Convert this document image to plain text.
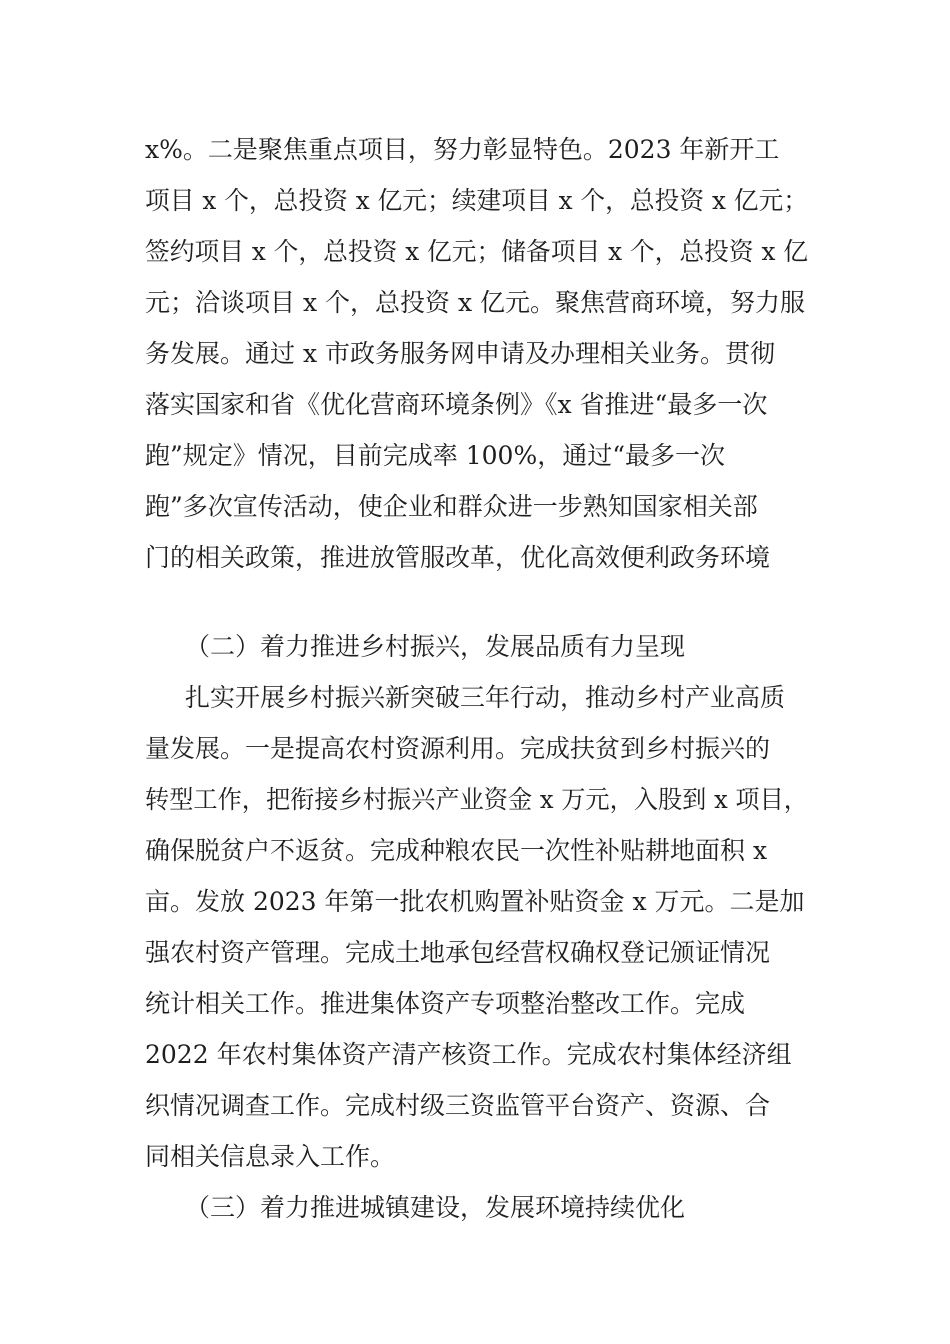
x%。二是聚焦重点项目，努力彰显特色。2023 年新开工
项目 x 个，总投资 x 亿元；续建项目 x 个，总投资 x 亿元；
签约项目 x 个，总投资 x 亿元；储备项目 x 个，总投资 x 亿
元；洽谈项目 x 个，总投资 x 亿元。聚焦营商环境，努力服
务发展。通过 x 市政务服务网申请及办理相关业务。贯彻
落实国家和省《优化营商环境条例》《x 省推进“最多一次
跑”规定》情况，目前完成率 100%，通过“最多一次
跑”多次宣传活动，使企业和群众进一步熟知国家相关部
门的相关政策，推进放管服改革，优化高效便利政务环境
（二）着力推进乡村振兴，发展品质有力呈现
扎实开展乡村振兴新突破三年行动，推动乡村产业高质
量发展。一是提高农村资源利用。完成扶贫到乡村振兴的
转型工作，把衔接乡村振兴产业资金 x 万元，入股到 x 项目，
确保脱贫户不返贫。完成种粮农民一次性补贴耕地面积 x
亩。发放 2023 年第一批农机购置补贴资金 x 万元。二是加
强农村资产管理。完成土地承包经营权确权登记颁证情况
统计相关工作。推进集体资产专项整治整改工作。完成
2022 年农村集体资产清产核资工作。完成农村集体经济组
织情况调查工作。完成村级三资监管平台资产、资源、合
同相关信息录入工作。
（三）着力推进城镇建设，发展环境持续优化
